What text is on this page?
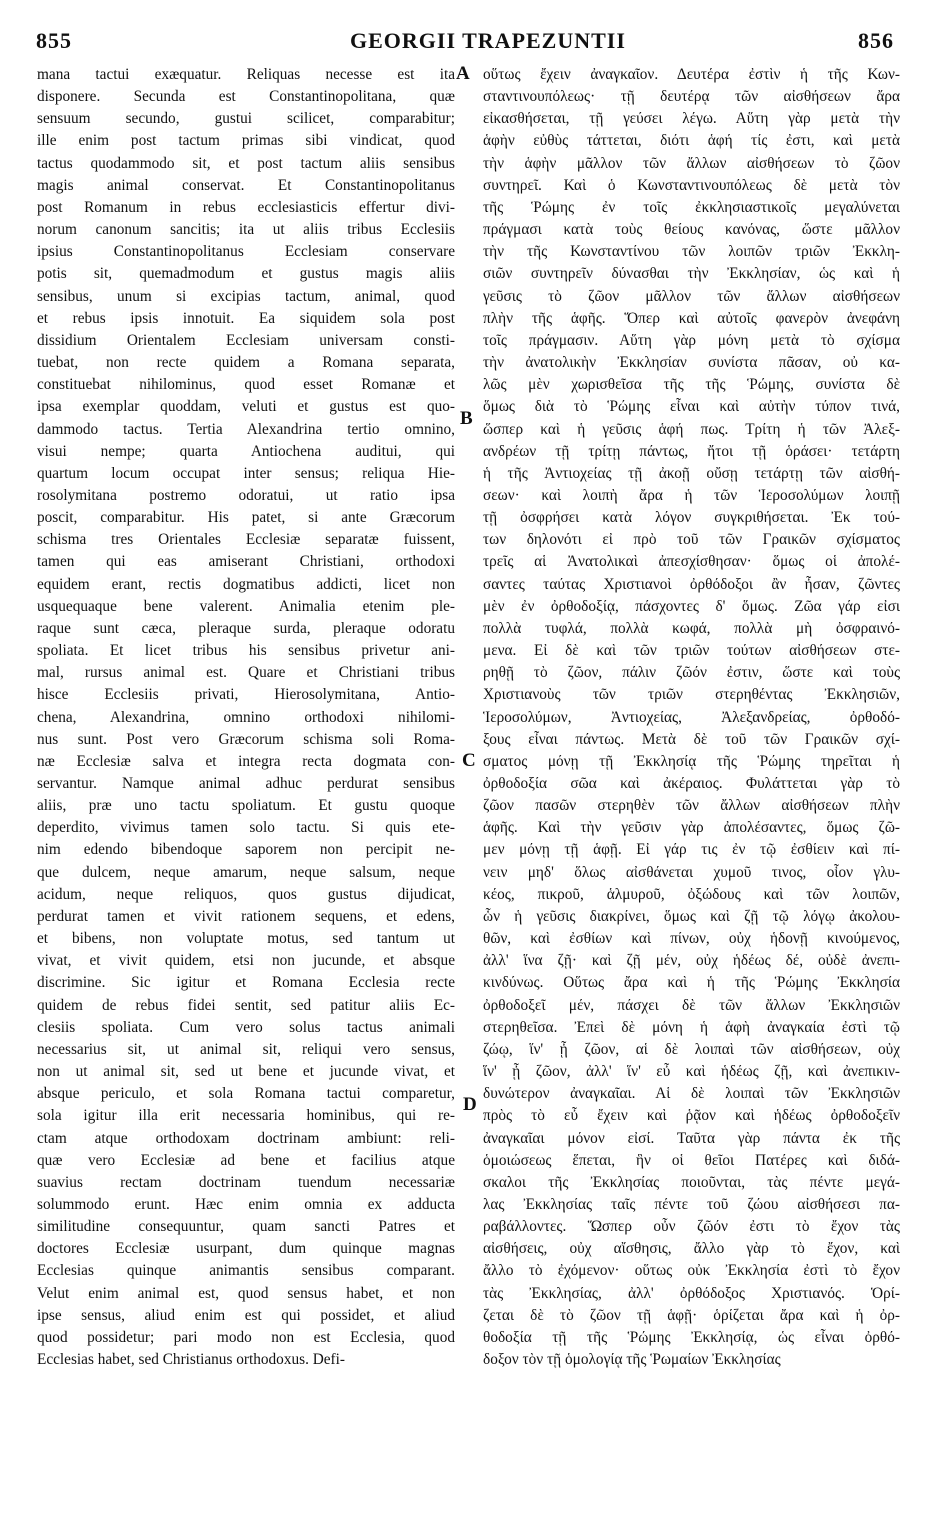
855	GEORGII TRAPEZUNTII	856
mana tactui exæquatur. Reliquas necesse est ita
disponere. Secunda est Constantinopolitana, quæ
sensuum secundo, gustui scilicet, comparabitur;
ille enim post tactum primas sibi vindicat, quod
tactus quodammodo sit, et post tactum aliis sensibus
magis animal conservat. Et Constantinopolitanus
post Romanum in rebus ecclesiasticis effertur divi-
norum canonum sancitis; ita ut aliis tribus Ecclesiis
ipsius Constantinopolitanus Ecclesiam conservare
potis sit, quemadmodum et gustus magis aliis
sensibus, unum si excipias tactum, animal, quod
et rebus ipsis innotuit. Ea siquidem sola post
dissidium Orientalem Ecclesiam universam consti-
tuebat, non recte quidem a Romana separata,
constituebat nihilominus, quod esset Romanæ et
ipsa exemplar quoddam, veluti et gustus est quo-
dammodo tactus. Tertia Alexandrina tertio omnino,
visui nempe; quarta Antiochena auditui, qui
quartum locum occupat inter sensus; reliqua Hie-
rosolymitana postremo odoratui, ut ratio ipsa
poscit, comparabitur. His patet, si ante Græcorum
schisma tres Orientales Ecclesiæ separatæ fuissent,
tamen qui eas amiserant Christiani, orthodoxi
equidem erant, rectis dogmatibus addicti, licet non
usquequaque bene valerent. Animalia etenim ple-
raque sunt cæca, pleraque surda, pleraque odoratu
spoliata. Et licet tribus his sensibus privetur ani-
mal, rursus animal est. Quare et Christiani tribus
hisce Ecclesiis privati, Hierosolymitana, Antio-
chena, Alexandrina, omnino orthodoxi nihilomi-
nus sunt. Post vero Græcorum schisma soli Roma-
næ Ecclesiæ salva et integra recta dogmata con-
servantur. Namque animal adhuc perdurat sensibus
aliis, præ uno tactu spoliatum. Et gustu quoque
deperdito, vivimus tamen solo tactu. Si quis ete-
nim edendo bibendoque saporem non percipit ne-
que dulcem, neque amarum, neque salsum, neque
acidum, neque reliquos, quos gustus dijudicat,
perdurat tamen et vivit rationem sequens, et edens,
et bibens, non voluptate motus, sed tantum ut
vivat, et vivit quidem, etsi non jucunde, et absque
discrimine. Sic igitur et Romana Ecclesia recte
quidem de rebus fidei sentit, sed patitur aliis Ec-
clesiis spoliata. Cum vero solus tactus animali
necessarius sit, ut animal sit, reliqui vero sensus,
non ut animal sit, sed ut bene et jucunde vivat, et
absque periculo, et sola Romana tactui comparetur,
sola igitur illa erit necessaria hominibus, qui re-
ctam atque orthodoxam doctrinam ambiunt: reli-
quæ vero Ecclesiæ ad bene et facilius atque
suavius rectam doctrinam tuendum necessariæ
solummodo erunt. Hæc enim omnia ex adducta
similitudine consequuntur, quam sancti Patres et
doctores Ecclesiæ usurpant, dum quinque magnas
Ecclesias quinque animantis sensibus comparant.
Velut enim animal est, quod sensus habet, et non
ipse sensus, aliud enim est qui possidet, et aliud
quod possidetur; pari modo non est Ecclesia, quod
Ecclesias habet, sed Christianus orthodoxus. Defi-
οὕτως ἔχειν ἀναγκαῖον. Δευτέρα ἐστὶν ἡ τῆς Κων-
σταντινουπόλεως· τῇ δευτέρᾳ τῶν αἰσθήσεων ἄρα
εἰκασθήσεται, τῇ γεύσει λέγω. Αὕτη γὰρ μετὰ τὴν
ἁφὴν εὐθὺς τάττεται, διότι ἁφή τίς ἐστι, καὶ μετὰ
τὴν ἁφὴν μᾶλλον τῶν ἄλλων αἰσθήσεων τὸ ζῶον
συντηρεῖ. Καὶ ὁ Κωνσταντινουπόλεως δὲ μετὰ τὸν
τῆς Ῥώμης ἐν τοῖς ἐκκλησιαστικοῖς μεγαλύνεται
πράγμασι κατὰ τοὺς θείους κανόνας, ὥστε μᾶλλον
τὴν τῆς Κωνσταντίνου τῶν λοιπῶν τριῶν Ἐκκλη-
σιῶν συντηρεῖν δύνασθαι τὴν Ἐκκλησίαν, ὡς καὶ ἡ
γεῦσις τὸ ζῶον μᾶλλον τῶν ἄλλων αἰσθήσεων
πλὴν τῆς ἁφῆς. Ὅπερ καὶ αὐτοῖς φανερὸν ἀνεφάνη
τοῖς πράγμασιν. Αὕτη γὰρ μόνη μετὰ τὸ σχίσμα
τὴν ἀνατολικὴν Ἐκκλησίαν συνίστα πᾶσαν, οὐ κα-
λῶς μὲν χωρισθεῖσα τῆς τῆς Ῥώμης, συνίστα δὲ
ὅμως διὰ τὸ Ῥώμης εἶναι καὶ αὐτὴν τύπον τινά,
ὥσπερ καὶ ἡ γεῦσις ἁφή πως. Τρίτη ἡ τῶν Ἀλεξ-
ανδρέων τῇ τρίτῃ πάντως, ἤτοι τῇ ὁράσει· τετάρτη
ἡ τῆς Ἀντιοχείας τῇ ἀκοῇ οὔσῃ τετάρτῃ τῶν αἰσθή-
σεων· καὶ λοιπὴ ἄρα ἡ τῶν Ἱεροσολύμων λοιπῇ
τῇ ὀσφρήσει κατὰ λόγον συγκριθήσεται. Ἐκ τού-
των δηλονότι εἰ πρὸ τοῦ τῶν Γραικῶν σχίσματος
τρεῖς αἱ Ἀνατολικαὶ ἀπεσχίσθησαν· ὅμως οἱ ἀπολέ-
σαντες ταύτας Χριστιανοὶ ὀρθόδοξοι ἂν ἦσαν, ζῶντες
μὲν ἐν ὀρθοδοξίᾳ, πάσχοντες δ' ὅμως. Ζῶα γάρ εἰσι
πολλὰ τυφλά, πολλὰ κωφά, πολλὰ μὴ ὀσφραινό-
μενα. Εἰ δὲ καὶ τῶν τριῶν τούτων αἰσθήσεων στε-
ρηθῇ τὸ ζῶον, πάλιν ζῶόν ἐστιν, ὥστε καὶ τοὺς
Χριστιανοὺς τῶν τριῶν στερηθέντας Ἐκκλησιῶν,
Ἱεροσολύμων, Ἀντιοχείας, Ἀλεξανδρείας, ὀρθοδό-
ξους εἶναι πάντως. Μετὰ δὲ τοῦ τῶν Γραικῶν σχί-
σματος μόνῃ τῇ Ἐκκλησίᾳ τῆς Ῥώμης τηρεῖται ἡ
ὀρθοδοξία σῶα καὶ ἀκέραιος. Φυλάττεται γὰρ τὸ
ζῶον πασῶν στερηθὲν τῶν ἄλλων αἰσθήσεων πλὴν
ἁφῆς. Καὶ τὴν γεῦσιν γὰρ ἀπολέσαντες, ὅμως ζῶ-
μεν μόνῃ τῇ ἁφῇ. Εἰ γάρ τις ἐν τῷ ἐσθίειν καὶ πί-
νειν μηδ' ὅλως αἰσθάνεται χυμοῦ τινος, οἷον γλυ-
κέος, πικροῦ, ἁλμυροῦ, ὀξώδους καὶ τῶν λοιπῶν,
ὧν ἡ γεῦσις διακρίνει, ὅμως καὶ ζῇ τῷ λόγῳ ἀκολου-
θῶν, καὶ ἐσθίων καὶ πίνων, οὐχ ἡδονῇ κινούμενος,
ἀλλ' ἵνα ζῇ· καὶ ζῇ μέν, οὐχ ἡδέως δέ, οὐδὲ ἀνεπι-
κινδύνως. Οὕτως ἄρα καὶ ἡ τῆς Ῥώμης Ἐκκλησία
ὀρθοδοξεῖ μέν, πάσχει δὲ τῶν ἄλλων Ἐκκλησιῶν
στερηθεῖσα. Ἐπεὶ δὲ μόνη ἡ ἁφὴ ἀναγκαία ἐστὶ τῷ
ζώῳ, ἵν' ᾖ ζῶον, αἱ δὲ λοιπαὶ τῶν αἰσθήσεων, οὐχ
ἵν' ᾖ ζῶον, ἀλλ' ἵν' εὖ καὶ ἡδέως ζῇ, καὶ ἀνεπικιν-
δυνώτερον ἀναγκαῖαι. Αἱ δὲ λοιπαὶ τῶν Ἐκκλησιῶν
πρὸς τὸ εὖ ἔχειν καὶ ῥᾷον καὶ ἡδέως ὀρθοδοξεῖν
ἀναγκαῖαι μόνον εἰσί. Ταῦτα γὰρ πάντα ἐκ τῆς
ὁμοιώσεως ἕπεται, ἣν οἱ θεῖοι Πατέρες καὶ διδά-
σκαλοι τῆς Ἐκκλησίας ποιοῦνται, τὰς πέντε μεγά-
λας Ἐκκλησίας ταῖς πέντε τοῦ ζώου αἰσθήσεσι πα-
ραβάλλοντες. Ὥσπερ οὖν ζῶόν ἐστι τὸ ἔχον τὰς
αἰσθήσεις, οὐχ αἴσθησις, ἄλλο γὰρ τὸ ἔχον, καὶ
ἄλλο τὸ ἐχόμενον· οὕτως οὐκ Ἐκκλησία ἐστὶ τὸ ἔχον
τὰς Ἐκκλησίας, ἀλλ' ὀρθόδοξος Χριστιανός. Ὁρί-
ζεται δὲ τὸ ζῶον τῇ ἁφῇ· ὁρίζεται ἄρα καὶ ἡ ὀρ-
θοδοξία τῇ τῆς Ῥώμης Ἐκκλησίᾳ, ὡς εἶναι ὀρθό-
δοξον τὸν τῇ ὁμολογίᾳ τῆς Ῥωμαίων Ἐκκλησίας
A
B
C
D
